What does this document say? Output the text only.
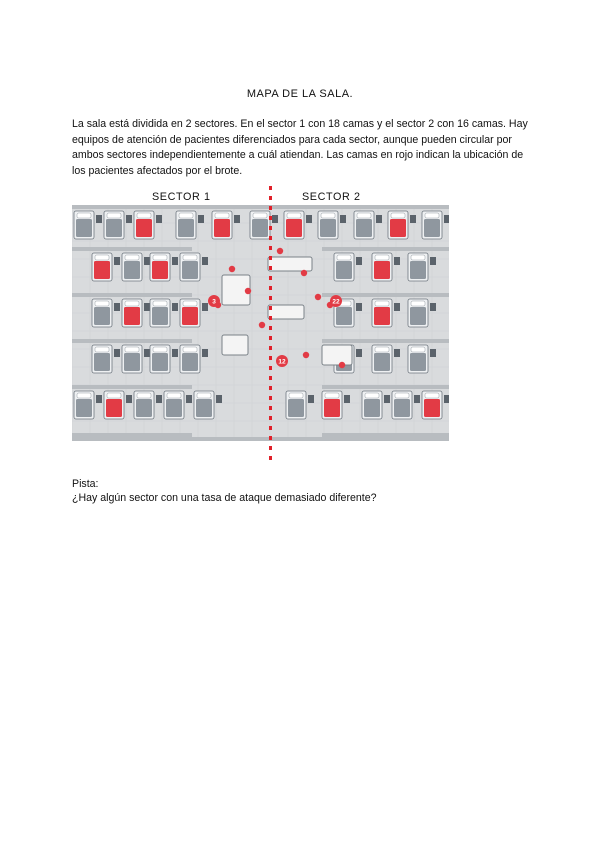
MAPA DE LA SALA.
La sala está dividida en 2 sectores. En el sector 1 con 18 camas y el sector 2 con 16 camas. Hay equipos de atención de pacientes diferenciados para cada sector, aunque pueden circular por ambos sectores independientemente a cuál atiendan. Las camas en rojo indican la ubicación de los pacientes afectados por el brote.
SECTOR 1	SECTOR 2
3	22
12
Pista:
¿Hay algún sector con una tasa de ataque demasiado diferente?
